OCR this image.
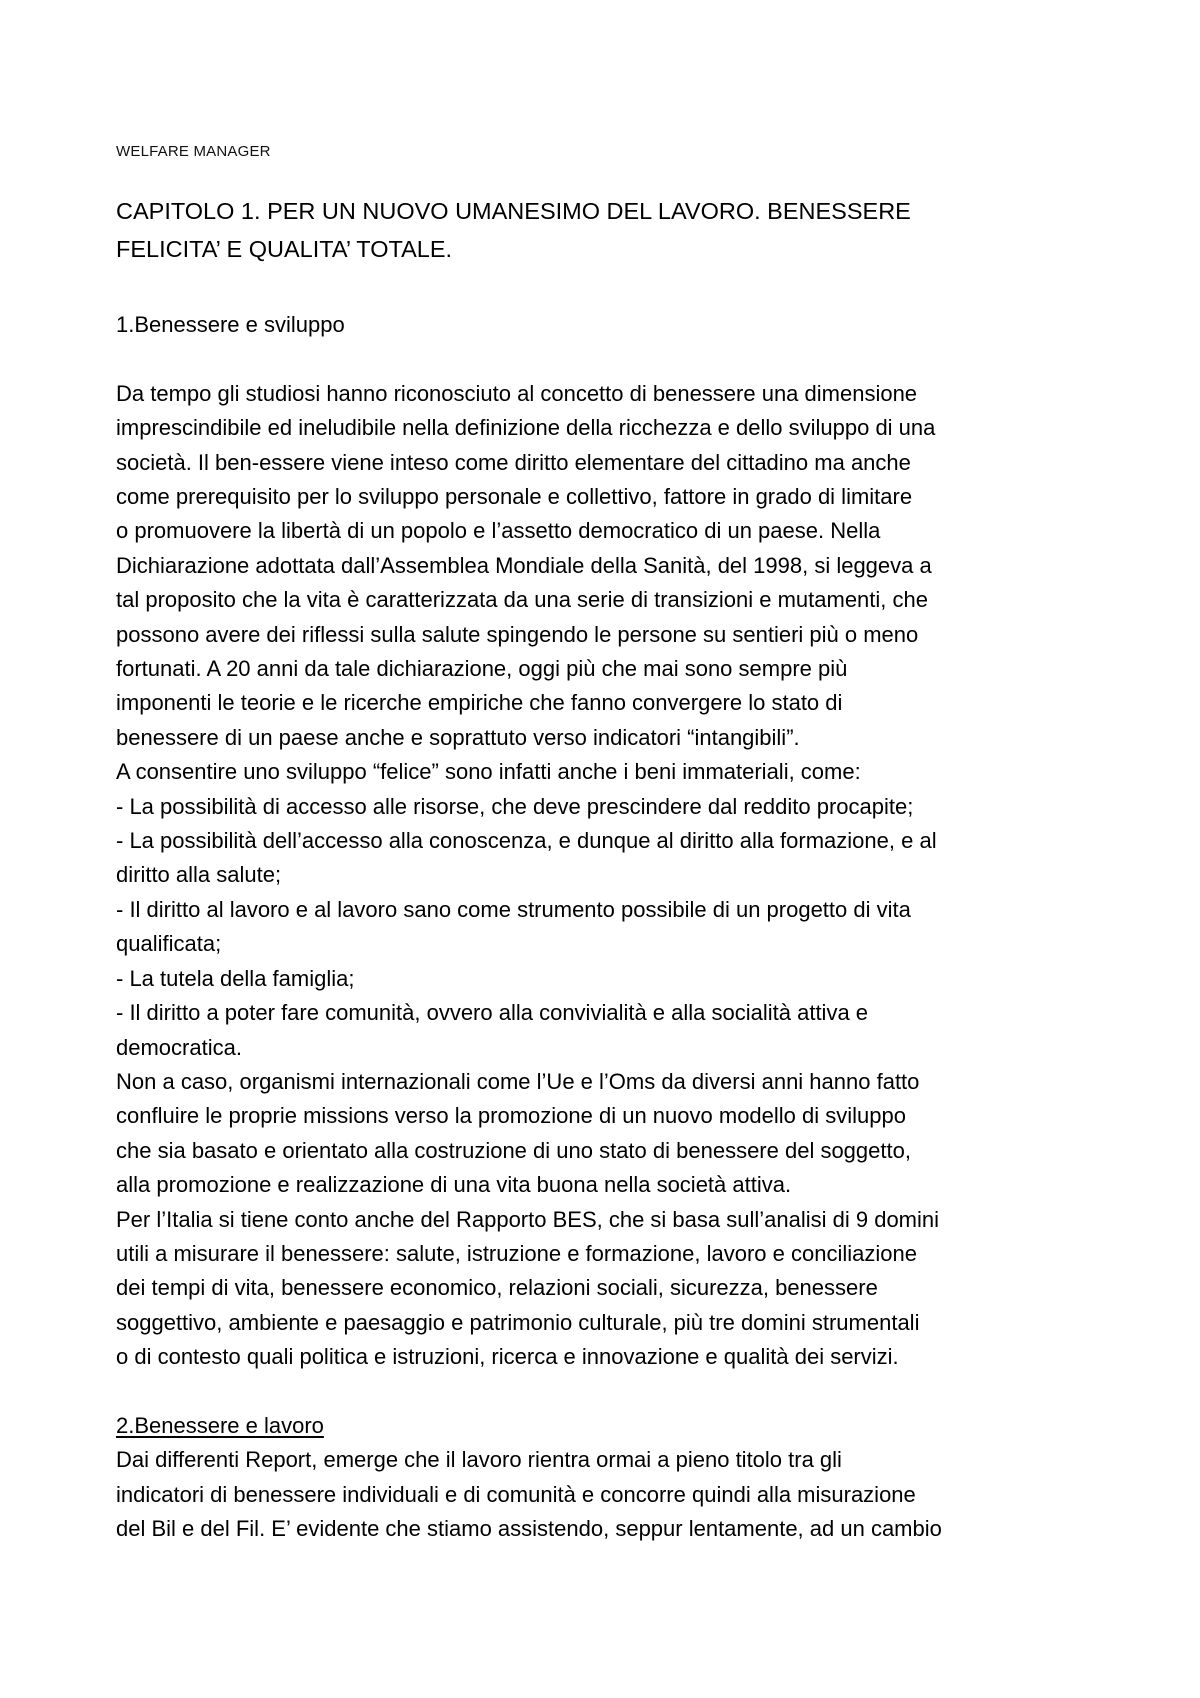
WELFARE MANAGER
CAPITOLO 1. PER UN NUOVO UMANESIMO DEL LAVORO. BENESSERE
FELICITA’ E QUALITA’ TOTALE.
1.Benessere e sviluppo

Da tempo gli studiosi hanno riconosciuto al concetto di benessere una dimensione

imprescindibile ed ineludibile nella definizione della ricchezza e dello sviluppo di una

società. Il ben-essere viene inteso come diritto elementare del cittadino ma anche

come prerequisito per lo sviluppo personale e collettivo, fattore in grado di limitare

o promuovere la libertà di un popolo e l’assetto democratico di un paese. Nella

Dichiarazione adottata dall’Assemblea Mondiale della Sanità, del 1998, si leggeva a

tal proposito che la vita è caratterizzata da una serie di transizioni e mutamenti, che

possono avere dei riflessi sulla salute spingendo le persone su sentieri più o meno

fortunati. A 20 anni da tale dichiarazione, oggi più che mai sono sempre più

imponenti le teorie e le ricerche empiriche che fanno convergere lo stato di

benessere di un paese anche e soprattuto verso indicatori “intangibili”.

A consentire uno sviluppo “felice” sono infatti anche i beni immateriali, come:

- La possibilità di accesso alle risorse, che deve prescindere dal reddito procapite;

- La possibilità dell’accesso alla conoscenza, e dunque al diritto alla formazione, e al

diritto alla salute;

- Il diritto al lavoro e al lavoro sano come strumento possibile di un progetto di vita

qualificata;

- La tutela della famiglia;

- Il diritto a poter fare comunità, ovvero alla convivialità e alla socialità attiva e

democratica.

Non a caso, organismi internazionali come l’Ue e l’Oms da diversi anni hanno fatto

confluire le proprie missions verso la promozione di un nuovo modello di sviluppo

che sia basato e orientato alla costruzione di uno stato di benessere del soggetto,

alla promozione e realizzazione di una vita buona nella società attiva.

Per l’Italia si tiene conto anche del Rapporto BES, che si basa sull’analisi di 9 domini

utili a misurare il benessere: salute, istruzione e formazione, lavoro e conciliazione

dei tempi di vita, benessere economico, relazioni sociali, sicurezza, benessere

soggettivo, ambiente e paesaggio e patrimonio culturale, più tre domini strumentali

o di contesto quali politica e istruzioni, ricerca e innovazione e qualità dei servizi.

2.Benessere e lavoro

Dai differenti Report, emerge che il lavoro rientra ormai a pieno titolo tra gli

indicatori di benessere individuali e di comunità e concorre quindi alla misurazione

del Bil e del Fil. E’ evidente che stiamo assistendo, seppur lentamente, ad un cambio
